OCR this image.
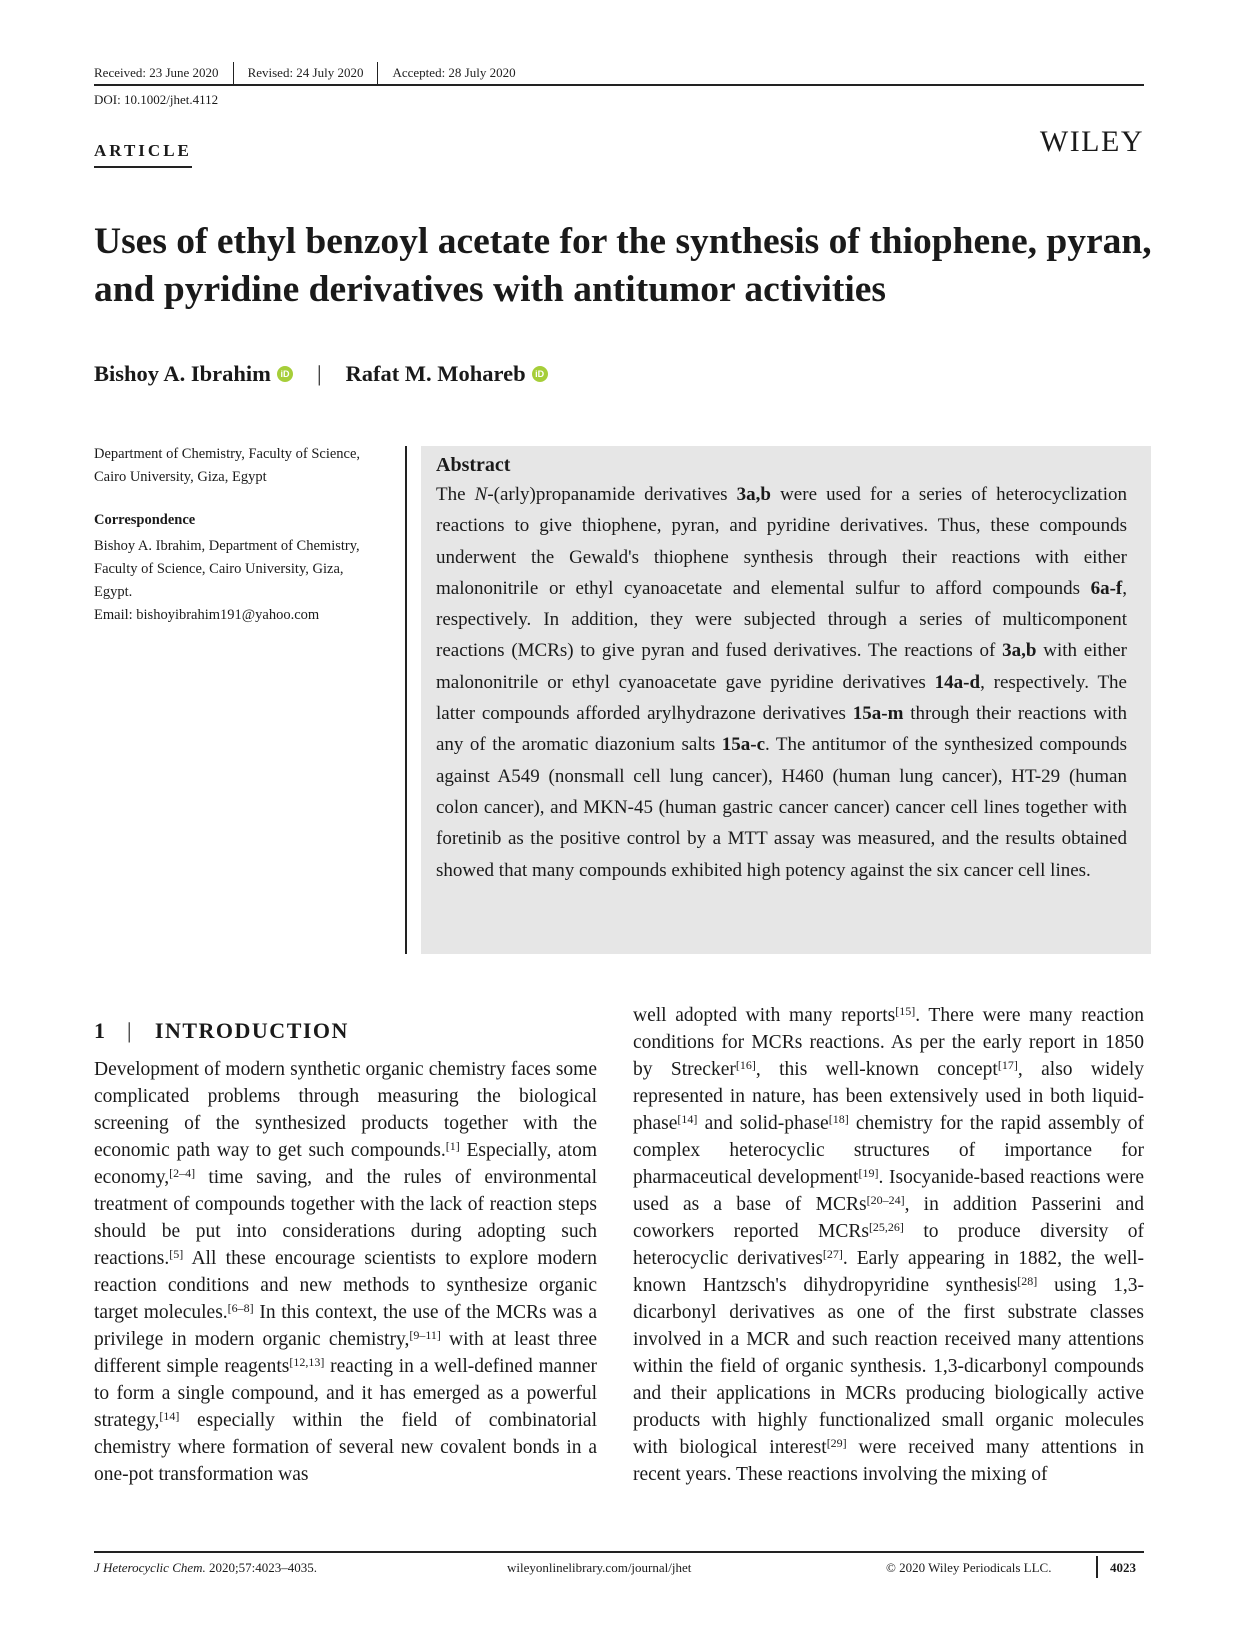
Received: 23 June 2020 Revised: 24 July 2020 Accepted: 28 July 2020
DOI: 10.1002/jhet.4112
ARTICLE	WILEY
Uses of ethyl benzoyl acetate for the synthesis of thiophene, pyran, and pyridine derivatives with antitumor activities
Bishoy A. Ibrahim	iD | Rafat M. Mohareb	iD
Department of Chemistry, Faculty of Science, Cairo University, Giza, Egypt
Correspondence
Bishoy A. Ibrahim, Department of Chemistry, Faculty of Science, Cairo University, Giza, Egypt.
Email: bishoyibrahim191@yahoo.com
Abstract

The N-(arly)propanamide derivatives 3a,b were used for a series of heterocyclization reactions to give thiophene, pyran, and pyridine derivatives. Thus, these compounds underwent the Gewald's thiophene synthesis through their reactions with either malononitrile or ethyl cyanoacetate and elemental sulfur to afford compounds 6a-f, respectively. In addition, they were subjected through a series of multicomponent reactions (MCRs) to give pyran and fused derivatives. The reactions of 3a,b with either malononitrile or ethyl cyanoacetate gave pyridine derivatives 14a-d, respectively. The latter compounds afforded arylhydrazone derivatives 15a-m through their reactions with any of the aromatic diazonium salts 15a-c. The antitumor of the synthesized compounds against A549 (nonsmall cell lung cancer), H460 (human lung cancer), HT-29 (human colon cancer), and MKN-45 (human gastric cancer cancer) cancer cell lines together with foretinib as the positive control by a MTT assay was measured, and the results obtained showed that many compounds exhibited high potency against the six cancer cell lines.

1 | INTRODUCTION

Development of modern synthetic organic chemistry faces some complicated problems through measuring the biological screening of the synthesized products together with the economic path way to get such compounds.[1] Especially, atom economy,[2–4] time saving, and the rules of environmental treatment of compounds together with the lack of reaction steps should be put into considerations during adopting such reactions.[5] All these encourage scientists to explore modern reaction conditions and new methods to synthesize organic target molecules.[6–8] In this context, the use of the MCRs was a privilege in modern organic chemistry,[9–11] with at least three different simple reagents[12,13] reacting in a well-defined manner to form a single compound, and it has emerged as a powerful strategy,[14] especially within the field of combinatorial chemistry where formation of several new covalent bonds in a one-pot transformation was

well adopted with many reports[15]. There were many reaction conditions for MCRs reactions. As per the early report in 1850 by Strecker[16], this well-known concept[17], also widely represented in nature, has been extensively used in both liquid-phase[14] and solid-phase[18] chemistry for the rapid assembly of complex heterocyclic structures of importance for pharmaceutical development[19]. Isocyanide-based reactions were used as a base of MCRs[20–24], in addition Passerini and coworkers reported MCRs[25,26] to produce diversity of heterocyclic derivatives[27]. Early appearing in 1882, the well-known Hantzsch's dihydropyridine synthesis[28] using 1,3-dicarbonyl derivatives as one of the first substrate classes involved in a MCR and such reaction received many attentions within the field of organic synthesis. 1,3-dicarbonyl compounds and their applications in MCRs producing biologically active products with highly functionalized small organic molecules with biological interest[29] were received many attentions in recent years. These reactions involving the mixing of

J Heterocyclic Chem. 2020;57:4023–4035.	wileyonlinelibrary.com/journal/jhet	© 2020 Wiley Periodicals LLC.	4023
